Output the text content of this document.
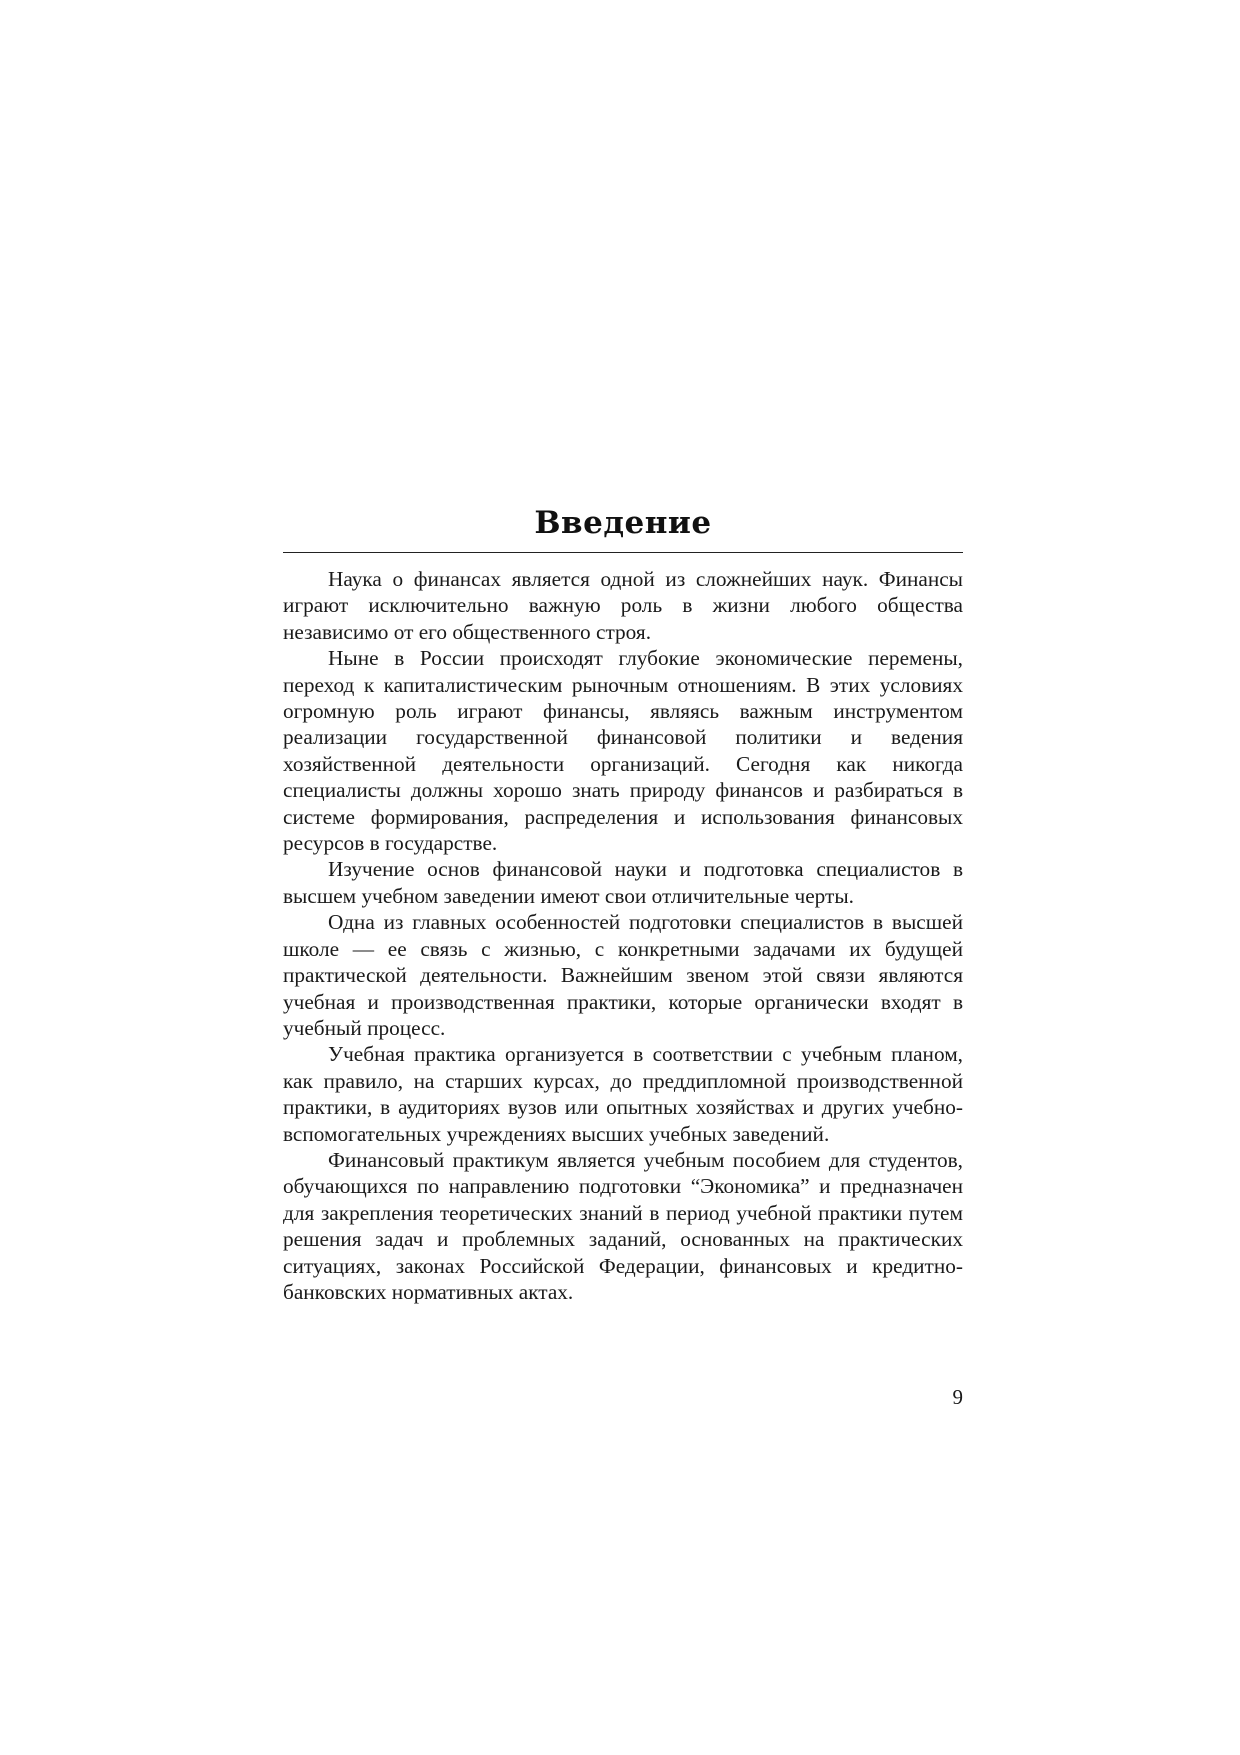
Введение

Наука о финансах является одной из сложнейших наук. Финансы играют исключительно важную роль в жизни любого общества независимо от его общественного строя.

Ныне в России происходят глубокие экономические перемены, переход к капиталистическим рыночным отношениям. В этих условиях огромную роль играют финансы, являясь важным инструментом реализации государственной финансовой политики и ведения хозяйственной деятельности организаций. Сегодня как никогда специалисты должны хорошо знать природу финансов и разбираться в системе формирования, распределения и использования финансовых ресурсов в государстве.

Изучение основ финансовой науки и подготовка специалистов в высшем учебном заведении имеют свои отличительные черты.

Одна из главных особенностей подготовки специалистов в высшей школе — ее связь с жизнью, с конкретными задачами их будущей практической деятельности. Важнейшим звеном этой связи являются учебная и производственная практики, которые органически входят в учебный процесс.

Учебная практика организуется в соответствии с учебным планом, как правило, на старших курсах, до преддипломной производственной практики, в аудиториях вузов или опытных хозяйствах и других учебно-вспомогательных учреждениях высших учебных заведений.

Финансовый практикум является учебным пособием для студентов, обучающихся по направлению подготовки “Экономика” и предназначен для закрепления теоретических знаний в период учебной практики путем решения задач и проблемных заданий, основанных на практических ситуациях, законах Российской Федерации, финансовых и кредитно-банковских нормативных актах.

9
